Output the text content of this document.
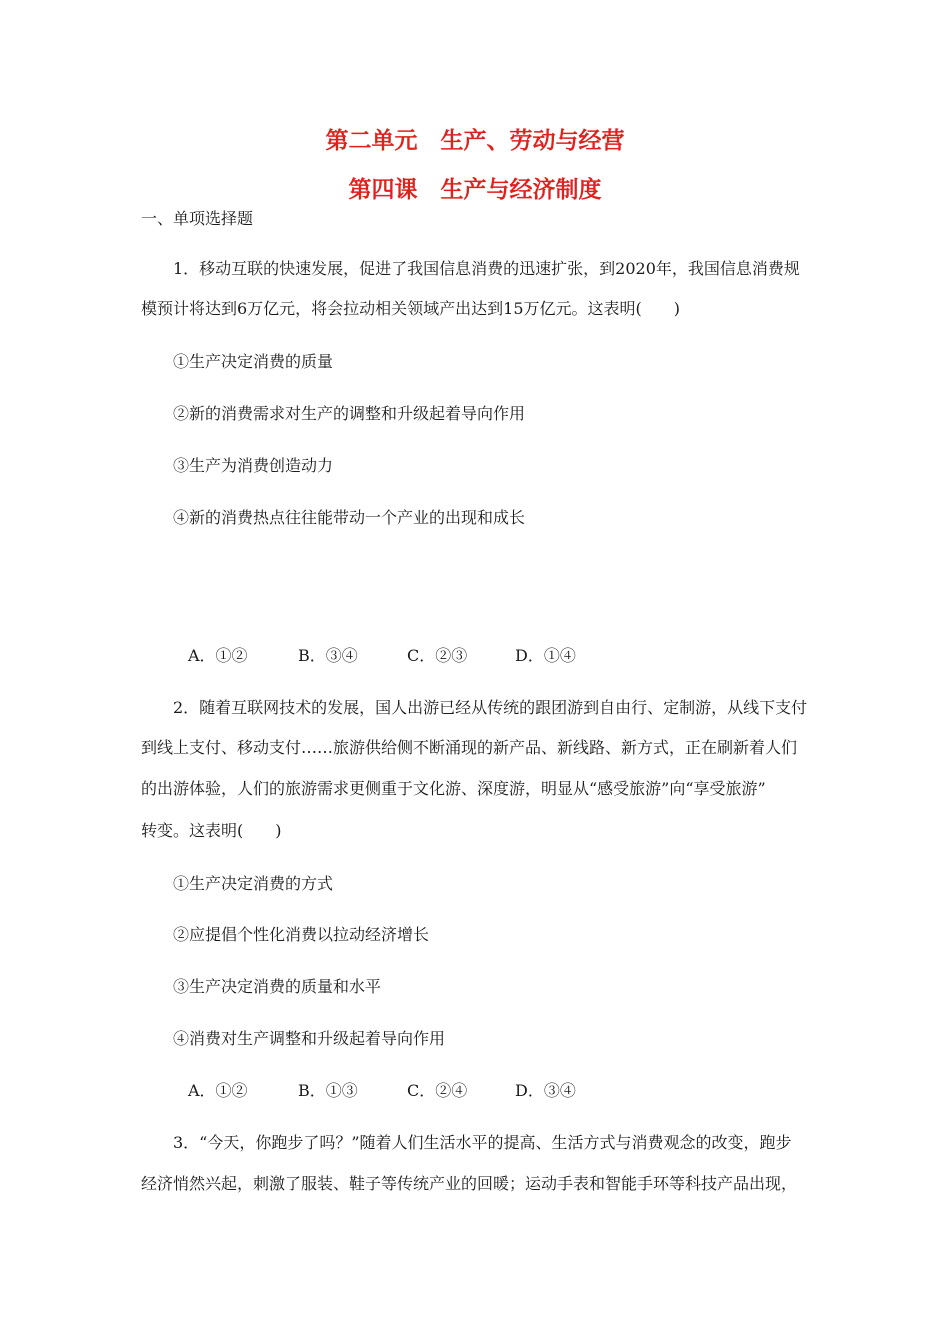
第二单元　生产、劳动与经营
第四课　生产与经济制度
一、单项选择题
1．移动互联的快速发展，促进了我国信息消费的迅速扩张，到2020年，我国信息消费规
模预计将达到6万亿元，将会拉动相关领域产出达到15万亿元。这表明(　　)
①生产决定消费的质量
②新的消费需求对生产的调整和升级起着导向作用
③生产为消费创造动力
④新的消费热点往往能带动一个产业的出现和成长
A．①②	B．③④	C．②③	D．①④
2．随着互联网技术的发展，国人出游已经从传统的跟团游到自由行、定制游，从线下支付
到线上支付、移动支付……旅游供给侧不断涌现的新产品、新线路、新方式，正在刷新着人们
的出游体验，人们的旅游需求更侧重于文化游、深度游，明显从“感受旅游”向“享受旅游”
转变。这表明(　　)
①生产决定消费的方式
②应提倡个性化消费以拉动经济增长
③生产决定消费的质量和水平
④消费对生产调整和升级起着导向作用
A．①②	B．①③	C．②④	D．③④
3．“今天，你跑步了吗？”随着人们生活水平的提高、生活方式与消费观念的改变，跑步
经济悄然兴起，刺激了服装、鞋子等传统产业的回暖；运动手表和智能手环等科技产品出现，
